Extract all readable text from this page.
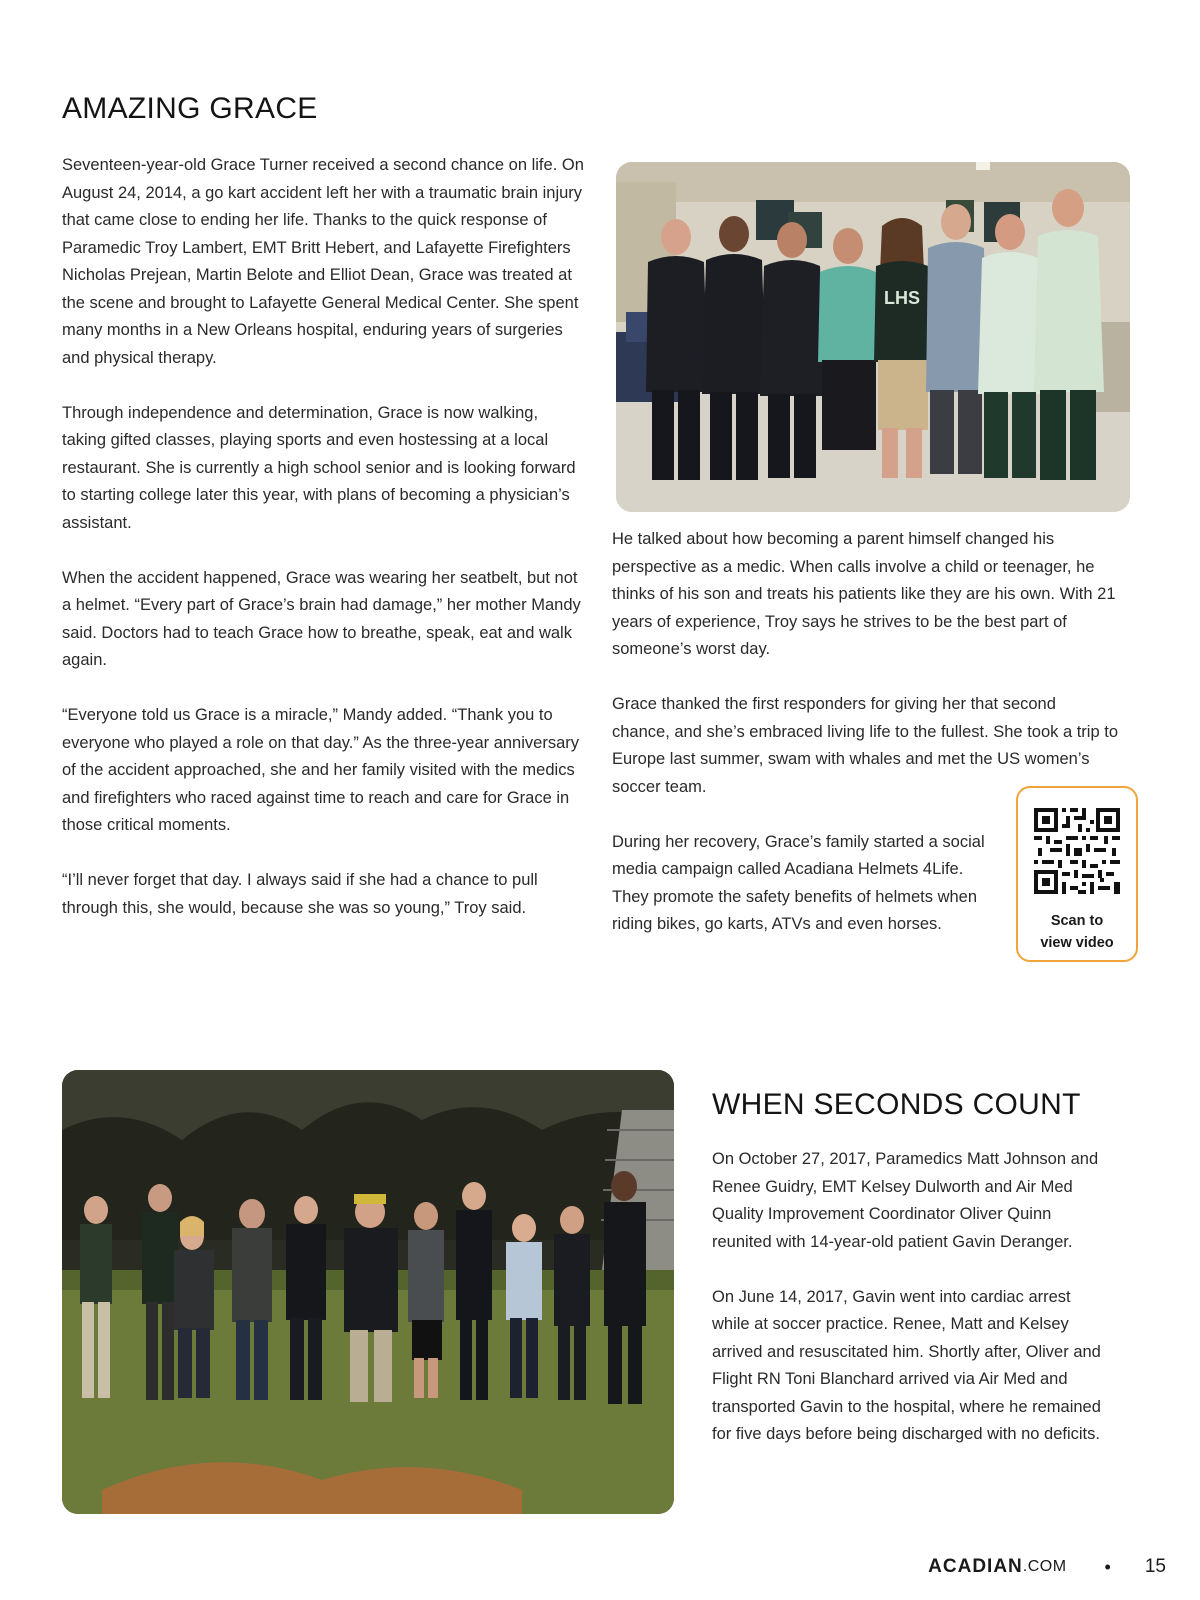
AMAZING GRACE

Seventeen-year-old Grace Turner received a second chance on life. On August 24, 2014, a go kart accident left her with a traumatic brain injury that came close to ending her life. Thanks to the quick response of Paramedic Troy Lambert, EMT Britt Hebert, and Lafayette Firefighters Nicholas Prejean, Martin Belote and Elliot Dean, Grace was treated at the scene and brought to Lafayette General Medical Center. She spent many months in a New Orleans hospital, enduring years of surgeries and physical therapy.

Through independence and determination, Grace is now walking, taking gifted classes, playing sports and even hostessing at a local restaurant. She is currently a high school senior and is looking forward to starting college later this year, with plans of becoming a physician’s assistant.

When the accident happened, Grace was wearing her seatbelt, but not a helmet. “Every part of Grace’s brain had damage,” her mother Mandy said. Doctors had to teach Grace how to breathe, speak, eat and walk again.

“Everyone told us Grace is a miracle,” Mandy added. “Thank you to everyone who played a role on that day.” As the three-year anniversary of the accident approached, she and her family visited with the medics and firefighters who raced against time to reach and care for Grace in those critical moments.

“I’ll never forget that day. I always said if she had a chance to pull through this, she would, because she was so young,” Troy said.

LHS

He talked about how becoming a parent himself changed his perspective as a medic. When calls involve a child or teenager, he thinks of his son and treats his patients like they are his own. With 21 years of experience, Troy says he strives to be the best part of someone’s worst day.

Grace thanked the first responders for giving her that second chance, and she’s embraced living life to the fullest. She took a trip to Europe last summer, swam with whales and met the US women’s soccer team.

During her recovery, Grace’s family started a social media campaign called Acadiana Helmets 4Life. They promote the safety benefits of helmets when riding bikes, go karts, ATVs and even horses.	Scan to
view video
WHEN SECONDS COUNT

On October 27, 2017, Paramedics Matt Johnson and Renee Guidry, EMT Kelsey Dulworth and Air Med Quality Improvement Coordinator Oliver Quinn reunited with 14-year-old patient Gavin Deranger.

On June 14, 2017, Gavin went into cardiac arrest while at soccer practice. Renee, Matt and Kelsey arrived and resuscitated him. Shortly after, Oliver and Flight RN Toni Blanchard arrived via Air Med and transported Gavin to the hospital, where he remained for five days before being discharged with no deficits.

ACADIAN .COM • 15
